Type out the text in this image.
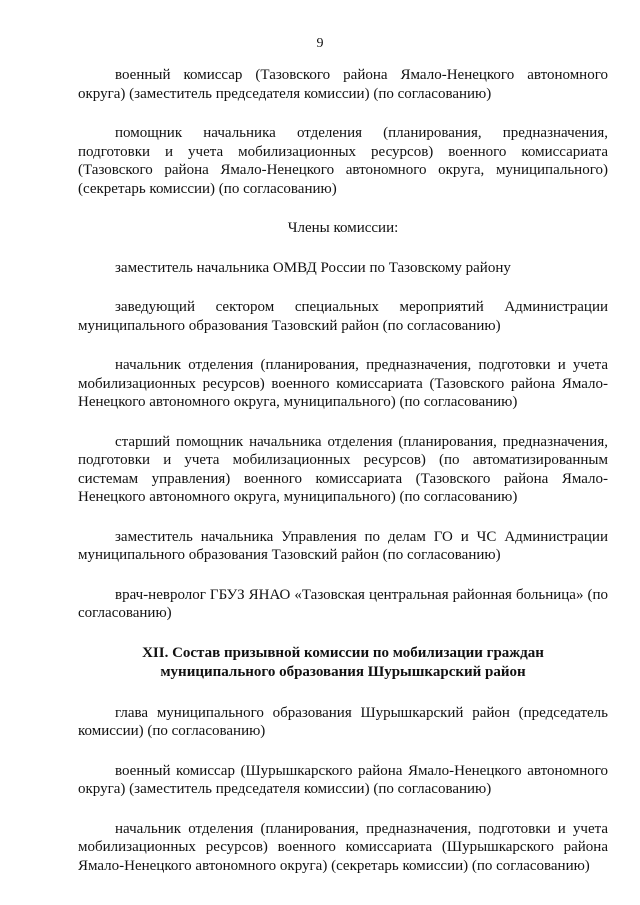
9

военный комиссар (Тазовского района Ямало-Ненецкого автономного округа) (заместитель председателя комиссии) (по согласованию)

помощник начальника отделения (планирования, предназначения, подготовки и учета мобилизационных ресурсов) военного комиссариата (Тазовского района Ямало-Ненецкого автономного округа, муниципального) (секретарь комиссии) (по согласованию)

Члены комиссии:

заместитель начальника ОМВД России по Тазовскому району

заведующий сектором специальных мероприятий Администрации муниципального образования Тазовский район (по согласованию)

начальник отделения (планирования, предназначения, подготовки и учета мобилизационных ресурсов) военного комиссариата (Тазовского района Ямало-Ненецкого автономного округа, муниципального) (по согласованию)

старший помощник начальника отделения (планирования, предназначения, подготовки и учета мобилизационных ресурсов) (по автоматизированным системам управления) военного комиссариата (Тазовского района Ямало-Ненецкого автономного округа, муниципального) (по согласованию)

заместитель начальника Управления по делам ГО и ЧС Администрации муниципального образования Тазовский район (по согласованию)

врач-невролог ГБУЗ ЯНАО «Тазовская центральная районная больница» (по согласованию)

XII. Состав призывной комиссии по мобилизации граждан
муниципального образования Шурышкарский район

глава муниципального образования Шурышкарский район (председатель комиссии) (по согласованию)

военный комиссар (Шурышкарского района Ямало-Ненецкого автономного округа) (заместитель председателя комиссии) (по согласованию)

начальник отделения (планирования, предназначения, подготовки и учета мобилизационных ресурсов) военного комиссариата (Шурышкарского района Ямало-Ненецкого автономного округа) (секретарь комиссии) (по согласованию)
